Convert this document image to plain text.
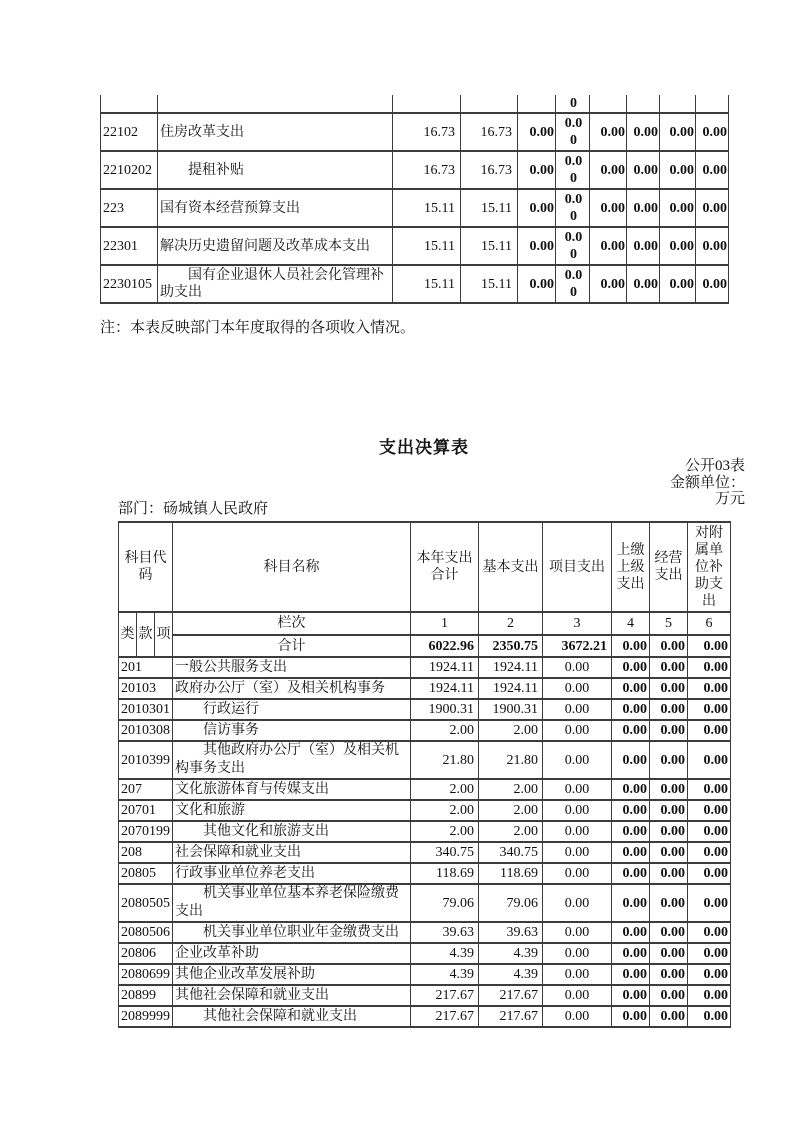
					0				
22102	住房改革支出	16.73	16.73	0.00	0.00	0.00	0.00	0.00	0.00
2210202	提租补贴	16.73	16.73	0.00	0.00	0.00	0.00	0.00	0.00
223	国有资本经营预算支出	15.11	15.11	0.00	0.00	0.00	0.00	0.00	0.00
22301	解决历史遗留问题及改革成本支出	15.11	15.11	0.00	0.00	0.00	0.00	0.00	0.00
2230105	国有企业退休人员社会化管理补助支出	15.11	15.11	0.00	0.00	0.00	0.00	0.00	0.00
注：本表反映部门本年度取得的各项收入情况。
支出决算表
公开03表
金额单位：
万元
部门：砀城镇人民政府
科目代码			科目名称	本年支出合计	基本支出	项目支出	上缴上级支出	经营支出	对附属单位补助支出
类	款	项	栏次	1	2	3	4	5	6
			合计	6022.96	2350.75	3672.21	0.00	0.00	0.00
201			一般公共服务支出	1924.11	1924.11	0.00	0.00	0.00	0.00
20103			政府办公厅（室）及相关机构事务	1924.11	1924.11	0.00	0.00	0.00	0.00
2010301			行政运行	1900.31	1900.31	0.00	0.00	0.00	0.00
2010308			信访事务	2.00	2.00	0.00	0.00	0.00	0.00
2010399			其他政府办公厅（室）及相关机构事务支出	21.80	21.80	0.00	0.00	0.00	0.00
207			文化旅游体育与传媒支出	2.00	2.00	0.00	0.00	0.00	0.00
20701			文化和旅游	2.00	2.00	0.00	0.00	0.00	0.00
2070199			其他文化和旅游支出	2.00	2.00	0.00	0.00	0.00	0.00
208			社会保障和就业支出	340.75	340.75	0.00	0.00	0.00	0.00
20805			行政事业单位养老支出	118.69	118.69	0.00	0.00	0.00	0.00
2080505			机关事业单位基本养老保险缴费支出	79.06	79.06	0.00	0.00	0.00	0.00
2080506			机关事业单位职业年金缴费支出	39.63	39.63	0.00	0.00	0.00	0.00
20806			企业改革补助	4.39	4.39	0.00	0.00	0.00	0.00
2080699			其他企业改革发展补助	4.39	4.39	0.00	0.00	0.00	0.00
20899			其他社会保障和就业支出	217.67	217.67	0.00	0.00	0.00	0.00
2089999			其他社会保障和就业支出	217.67	217.67	0.00	0.00	0.00	0.00
